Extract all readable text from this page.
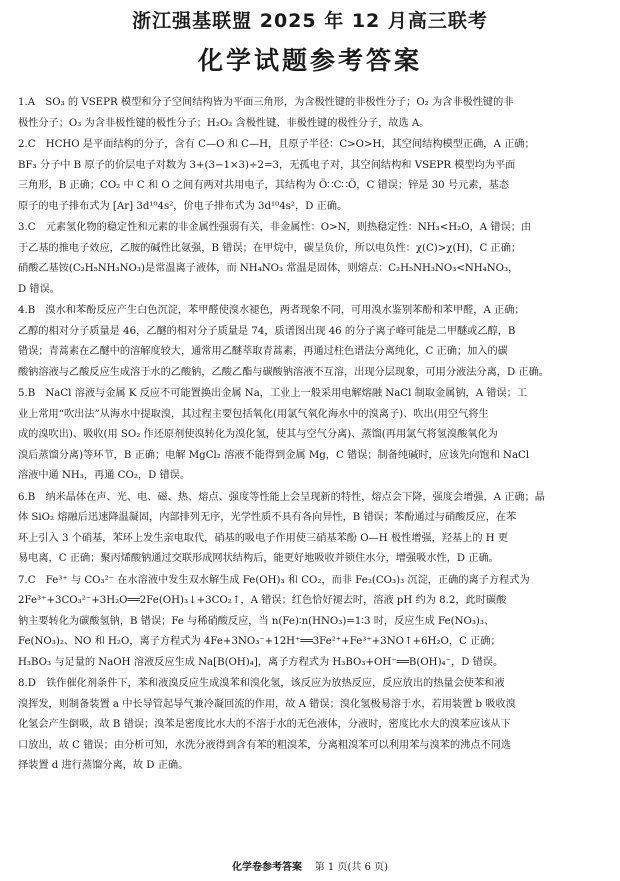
浙江强基联盟 2025 年 12 月高三联考
化学试题参考答案
1.A　SO₃ 的 VSEPR 模型和分子空间结构皆为平面三角形，为含极性键的非极性分子；O₂ 为含非极性键的非
极性分子；O₃ 为含非极性键的极性分子；H₂O₂ 含极性键、非极性键的极性分子，故选 A。
2.C　HCHO 是平面结构的分子，含有 C—O 和 C—H，且原子半径：C>O>H，其空间结构模型正确，A 正确；
BF₃ 分子中 B 原子的价层电子对数为 3+(3−1×3)÷2=3，无孤电子对，其空间结构和 VSEPR 模型均为平面
三角形，B 正确；CO₂ 中 C 和 O 之间有两对共用电子，其结构为 Ö∷C∷Ö，C 错误；锌是 30 号元素，基态
原子的电子排布式为 [Ar] 3d¹⁰4s²，价电子排布式为 3d¹⁰4s²，D 正确。
3.C　元素氢化物的稳定性和元素的非金属性强弱有关，非金属性：O>N，则热稳定性：NH₃<H₂O，A 错误；由
于乙基的推电子效应，乙胺的碱性比氨强，B 错误；在甲烷中，碳呈负价，所以电负性：χ(C)>χ(H)，C 正确；
硝酸乙基铵(C₂H₅NH₃NO₃)是常温离子液体，而 NH₄NO₃ 常温是固体，则熔点：C₂H₅NH₃NO₃<NH₄NO₃，
D 错误。
4.B　溴水和苯酚反应产生白色沉淀，苯甲醛使溴水褪色，两者现象不同，可用溴水鉴别苯酚和苯甲醛，A 正确；
乙醇的相对分子质量是 46，乙醚的相对分子质量是 74，质谱图出现 46 的分子离子峰可能是二甲醚或乙醇，B
错误；青蒿素在乙醚中的溶解度较大，通常用乙醚萃取青蒿素，再通过柱色谱法分离纯化，C 正确；加入的碳
酸钠溶液与乙酸反应生成溶于水的乙酸钠，乙酸乙酯与碳酸钠溶液不互溶，出现分层现象，可用分液法分离，D 正确。
5.B　NaCl 溶液与金属 K 反应不可能置换出金属 Na，工业上一般采用电解熔融 NaCl 制取金属钠，A 错误；工
业上常用“吹出法”从海水中提取溴，其过程主要包括氧化(用氯气氧化海水中的溴离子)、吹出(用空气将生
成的溴吹出)、吸收(用 SO₂ 作还原剂使溴转化为溴化氢，使其与空气分离)、蒸馏(再用氯气将氢溴酸氧化为
溴后蒸馏分离)等环节，B 正确；电解 MgCl₂ 溶液不能得到金属 Mg，C 错误；制备纯碱时，应该先向饱和 NaCl
溶液中通 NH₃，再通 CO₂，D 错误。
6.B　纳米晶体在声、光、电、磁、热、熔点、强度等性能上会呈现新的特性，熔点会下降，强度会增强，A 正确；晶
体 SiO₂ 熔融后迅速降温凝固，内部排列无序，光学性质不具有各向异性，B 错误；苯酚通过与硝酸反应，在苯
环上引入 3 个硝基，苯环上发生亲电取代，硝基的吸电子作用使三硝基苯酚 O—H 极性增强，羟基上的 H 更
易电离，C 正确；聚丙烯酸钠通过交联形成网状结构后，能更好地吸收并锁住水分，增强吸水性，D 正确。
7.C　Fe³⁺ 与 CO₃²⁻ 在水溶液中发生双水解生成 Fe(OH)₃ 和 CO₂，而非 Fe₂(CO₃)₃ 沉淀，正确的离子方程式为
2Fe³⁺+3CO₃²⁻+3H₂O══2Fe(OH)₃↓+3CO₂↑，A 错误；红色恰好褪去时，溶液 pH 约为 8.2，此时碳酸
钠主要转化为碳酸氢钠，B 错误；Fe 与稀硝酸反应，当 n(Fe)∶n(HNO₃)=1∶3 时，反应生成 Fe(NO₃)₃、
Fe(NO₃)₂、NO 和 H₂O，离子方程式为 4Fe+3NO₃⁻+12H⁺══3Fe²⁺+Fe³⁺+3NO↑+6H₂O，C 正确；
H₃BO₃ 与足量的 NaOH 溶液反应生成 Na[B(OH)₄]，离子方程式为 H₃BO₃+OH⁻══B(OH)₄⁻，D 错误。
8.D　铁作催化剂条件下，苯和液溴反应生成溴苯和溴化氢，该反应为放热反应，反应放出的热量会使苯和液
溴挥发，则制备装置 a 中长导管起导气兼冷凝回流的作用，故 A 错误；溴化氢极易溶于水，若用装置 b 吸收溴
化氢会产生倒吸，故 B 错误；溴苯是密度比水大的不溶于水的无色液体，分液时，密度比水大的溴苯应该从下
口放出，故 C 错误；由分析可知，水洗分液得到含有苯的粗溴苯，分离粗溴苯可以利用苯与溴苯的沸点不同选
择装置 d 进行蒸馏分离，故 D 正确。
化学卷参考答案 第 1 页(共 6 页)
